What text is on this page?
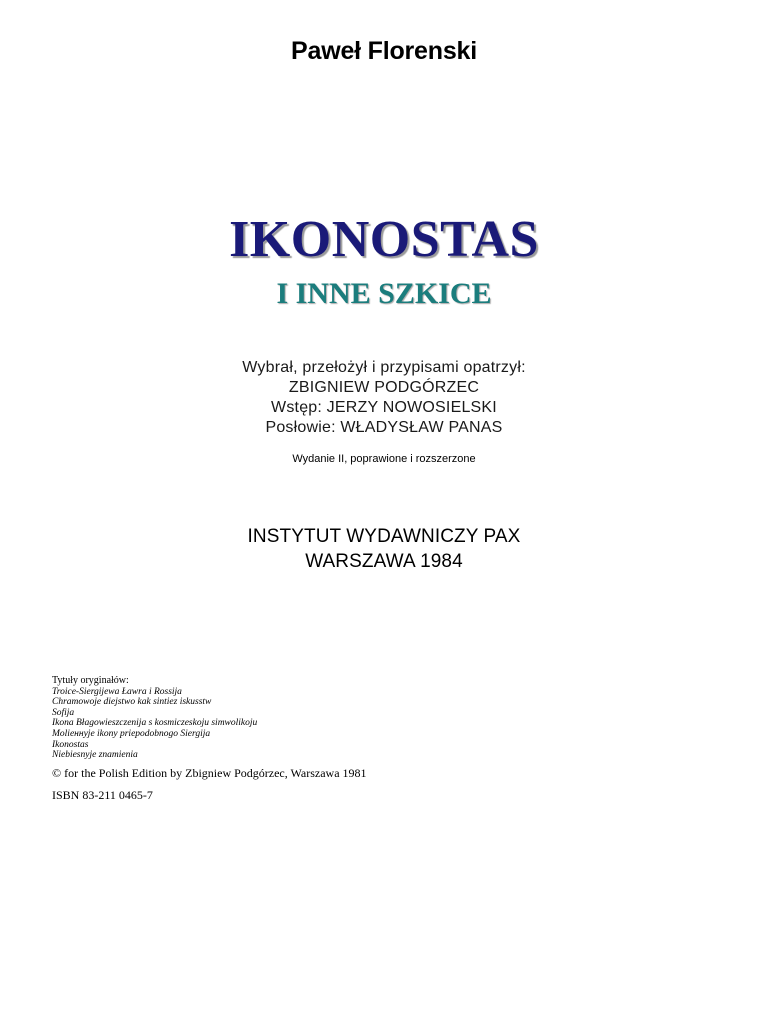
Paweł Florenski
IKONOSTAS
I INNE SZKICE
Wybrał, przełożył i przypisami opatrzył:
ZBIGNIEW PODGÓRZEC
Wstęp: JERZY NOWOSIELSKI
Posłowie: WŁADYSŁAW PANAS
Wydanie II, poprawione i rozszerzone
INSTYTUT WYDAWNICZY PAX
WARSZAWA 1984
Tytuły oryginałów:
Troice-Siergijewa Ławra i Rossija
Chramowoje diejstwo kak sintiez iskusstw
Sofija
Ikona Błagowieszczenija s kosmiczeskoju simwolikoju
Molieннyje ikony priepodobnogo Siergija
Ikonostas
Niebiesnyje znamienia
© for the Polish Edition by Zbigniew Podgórzec, Warszawa 1981
ISBN 83-211 0465-7
